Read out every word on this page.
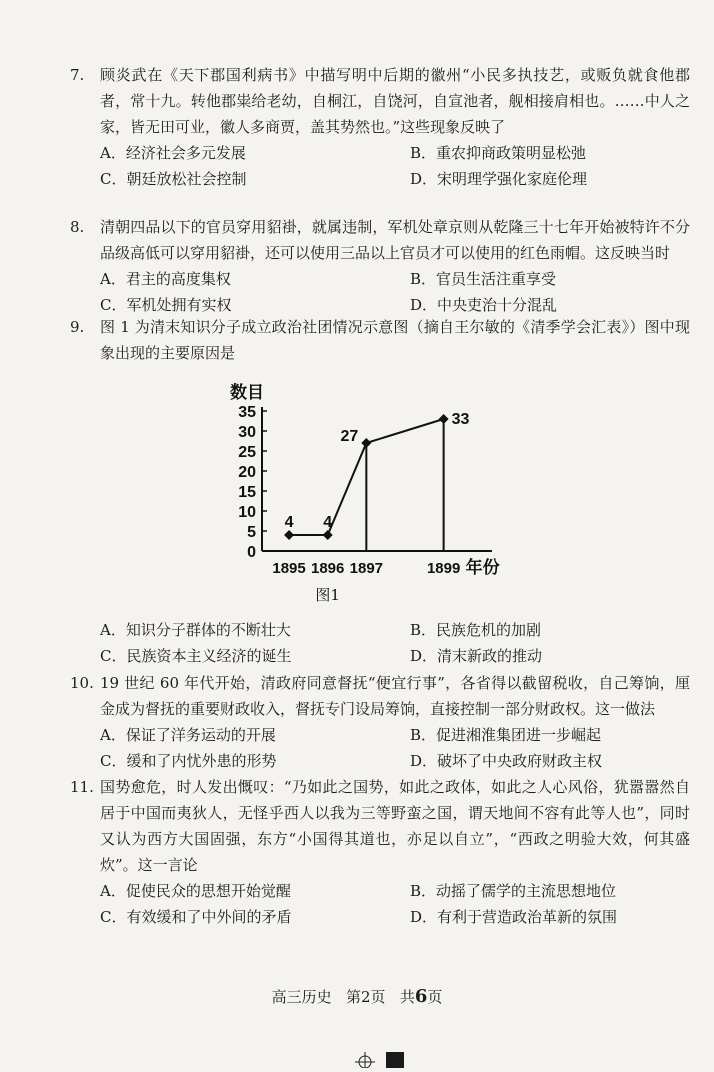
7. 顾炎武在《天下郡国利病书》中描写明中后期的徽州“小民多执技艺，或贩负就食他郡者，常十九。转他郡粜给老幼，自桐江，自饶河，自宣池者，舰相接肩相也。……中人之家，皆无田可业，徽人多商贾，盖其势然也。”这些现象反映了
A．经济社会多元发展	B．重农抑商政策明显松弛
C．朝廷放松社会控制	D．宋明理学强化家庭伦理
8. 清朝四品以下的官员穿用貂褂，就属违制，军机处章京则从乾隆三十七年开始被特许不分品级高低可以穿用貂褂，还可以使用三品以上官员才可以使用的红色雨帽。这反映当时
A．君主的高度集权	B．官员生活注重享受
C．军机处拥有实权	D．中央吏治十分混乱
9. 图 1 为清末知识分子成立政治社团情况示意图（摘自王尔敏的《清季学会汇表》）图中现象出现的主要原因是
数目
0
5
10
15
20
25
30
35
1895 1896 1897	1899 年份
4 4
27
33
图1
A．知识分子群体的不断壮大	B．民族危机的加剧
C．民族资本主义经济的诞生	D．清末新政的推动
10. 19 世纪 60 年代开始，清政府同意督抚“便宜行事”，各省得以截留税收，自己筹饷，厘金成为督抚的重要财政收入，督抚专门设局筹饷，直接控制一部分财政权。这一做法
A．保证了洋务运动的开展	B．促进湘淮集团进一步崛起
C．缓和了内忧外患的形势	D．破坏了中央政府财政主权
11. 国势愈危，时人发出慨叹：“乃如此之国势，如此之政体，如此之人心风俗，犹嚣嚣然自居于中国而夷狄人，无怪乎西人以我为三等野蛮之国，谓天地间不容有此等人也”，同时又认为西方大国固强，东方“小国得其道也，亦足以自立”，“西政之明验大效，何其盛炊”。这一言论
A．促使民众的思想开始觉醒	B．动摇了儒学的主流思想地位
C．有效缓和了中外间的矛盾	D．有利于营造政治革新的氛围
高三历史 第2页 共6页
